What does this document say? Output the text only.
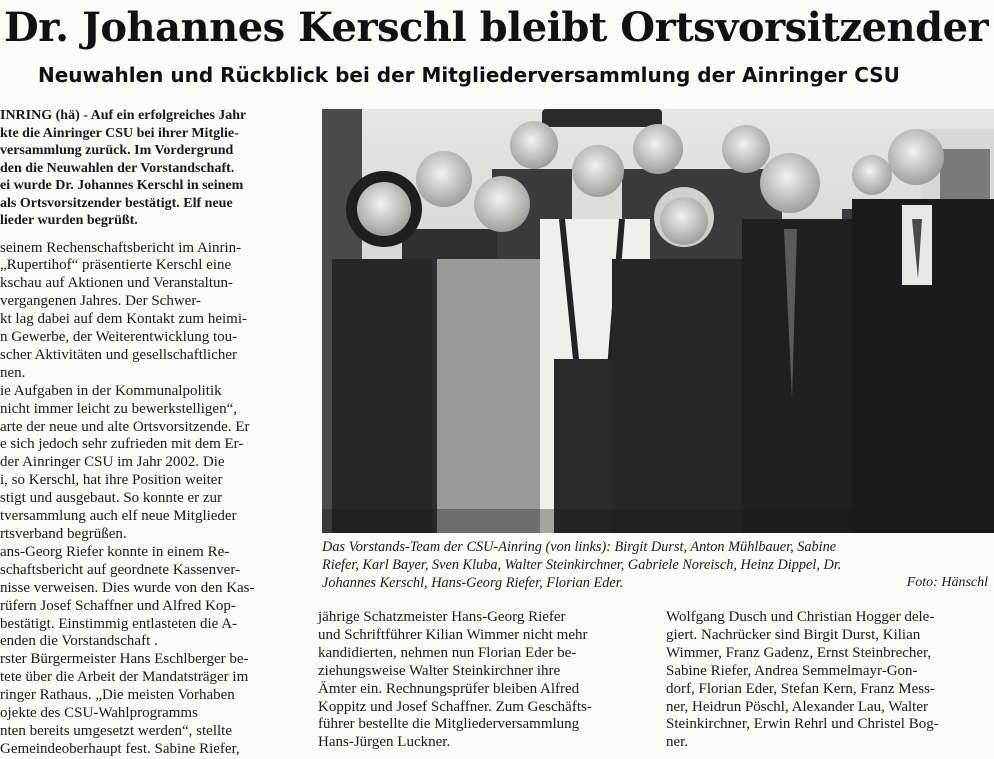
Dr. Johannes Kerschl bleibt Ortsvorsitzender
Neuwahlen und Rückblick bei der Mitgliederversammlung der Ainringer CSU

INRING (hä) - Auf ein erfolgreiches Jahr
kte die Ainringer CSU bei ihrer Mitglie-
versammlung zurück. Im Vordergrund
den die Neuwahlen der Vorstandschaft.
ei wurde Dr. Johannes Kerschl in seinem
als Ortsvorsitzender bestätigt. Elf neue
lieder wurden begrüßt.

seinem Rechenschaftsbericht im Ainrin-
„Rupertihof“ präsentierte Kerschl eine
kschau auf Aktionen und Veranstaltun-
vergangenen Jahres. Der Schwer-
kt lag dabei auf dem Kontakt zum heimi-
n Gewerbe, der Weiterentwicklung tou-
scher Aktivitäten und gesellschaftlicher
nen.

ie Aufgaben in der Kommunalpolitik
nicht immer leicht zu bewerkstelligen“,
arte der neue und alte Ortsvorsitzende. Er
e sich jedoch sehr zufrieden mit dem Er-
der Ainringer CSU im Jahr 2002. Die
i, so Kerschl, hat ihre Position weiter
stigt und ausgebaut. So konnte er zur
tversammlung auch elf neue Mitglieder
rtsverband begrüßen.

ans-Georg Riefer konnte in einem Re-
schaftsbericht auf geordnete Kassenver-
nisse verweisen. Dies wurde von den Kas-
rüfern Josef Schaffner und Alfred Kop-
bestätigt. Einstimmig entlasteten die A-
enden die Vorstandschaft .

rster Bürgermeister Hans Eschlberger be-
tete über die Arbeit der Mandatsträger im
ringer Rathaus. „Die meisten Vorhaben
ojekte des CSU-Wahlprogramms
nten bereits umgesetzt werden“, stellte
Gemeindeoberhaupt fest. Sabine Riefer,

Das Vorstands-Team der CSU-Ainring (von links): Birgit Durst, Anton Mühlbauer, Sabine
Riefer, Karl Bayer, Sven Kluba, Walter Steinkirchner, Gabriele Noreisch, Heinz Dippel, Dr.
Johannes Kerschl, Hans-Georg Riefer, Florian Eder.	Foto: Hänschl

jährige Schatzmeister Hans-Georg Riefer
und Schriftführer Kilian Wimmer nicht mehr
kandidierten, nehmen nun Florian Eder be-
ziehungsweise Walter Steinkirchner ihre
Ämter ein. Rechnungsprüfer bleiben Alfred
Koppitz und Josef Schaffner. Zum Geschäfts-
führer bestellte die Mitgliederversammlung
Hans-Jürgen Luckner.

Wolfgang Dusch und Christian Hogger dele-
giert. Nachrücker sind Birgit Durst, Kilian
Wimmer, Franz Gadenz, Ernst Steinbrecher,
Sabine Riefer, Andrea Semmelmayr-Gon-
dorf, Florian Eder, Stefan Kern, Franz Mess-
ner, Heidrun Pöschl, Alexander Lau, Walter
Steinkirchner, Erwin Rehrl und Christel Bog-
ner.
